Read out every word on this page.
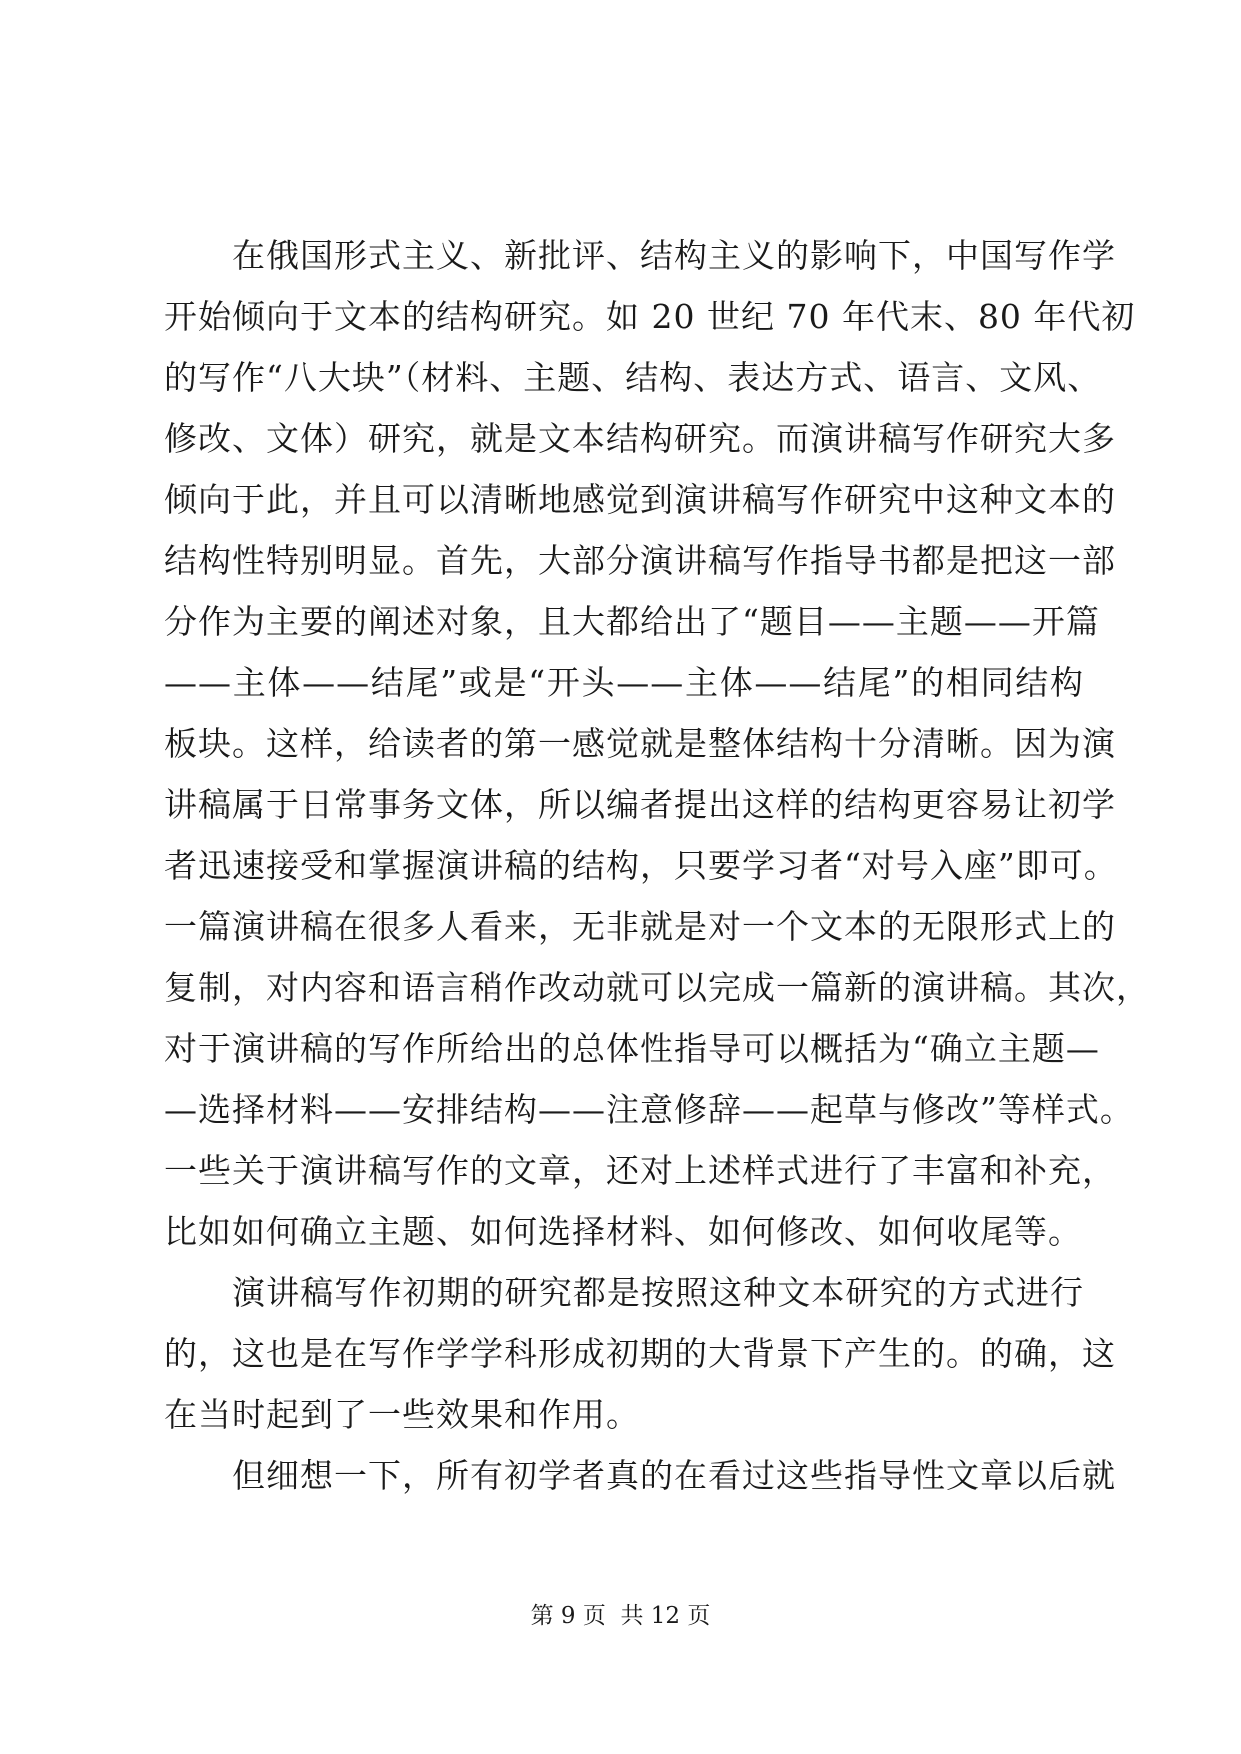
在俄国形式主义、新批评、结构主义的影响下，中国写作学
开始倾向于文本的结构研究。如 20 世纪 70 年代末、80 年代初
的写作“八大块”（材料、主题、结构、表达方式、语言、文风、
修改、文体）研究，就是文本结构研究。而演讲稿写作研究大多
倾向于此，并且可以清晰地感觉到演讲稿写作研究中这种文本的
结构性特别明显。首先，大部分演讲稿写作指导书都是把这一部
分作为主要的阐述对象，且大都给出了“题目——主题——开篇
——主体——结尾”或是“开头——主体——结尾”的相同结构
板块。这样，给读者的第一感觉就是整体结构十分清晰。因为演
讲稿属于日常事务文体，所以编者提出这样的结构更容易让初学
者迅速接受和掌握演讲稿的结构，只要学习者“对号入座”即可。
一篇演讲稿在很多人看来，无非就是对一个文本的无限形式上的
复制，对内容和语言稍作改动就可以完成一篇新的演讲稿。其次，
对于演讲稿的写作所给出的总体性指导可以概括为“确立主题—
—选择材料——安排结构——注意修辞——起草与修改”等样式。
一些关于演讲稿写作的文章，还对上述样式进行了丰富和补充，
比如如何确立主题、如何选择材料、如何修改、如何收尾等。
演讲稿写作初期的研究都是按照这种文本研究的方式进行
的，这也是在写作学学科形成初期的大背景下产生的。的确，这
在当时起到了一些效果和作用。
但细想一下，所有初学者真的在看过这些指导性文章以后就
第 9 页  共 12 页
